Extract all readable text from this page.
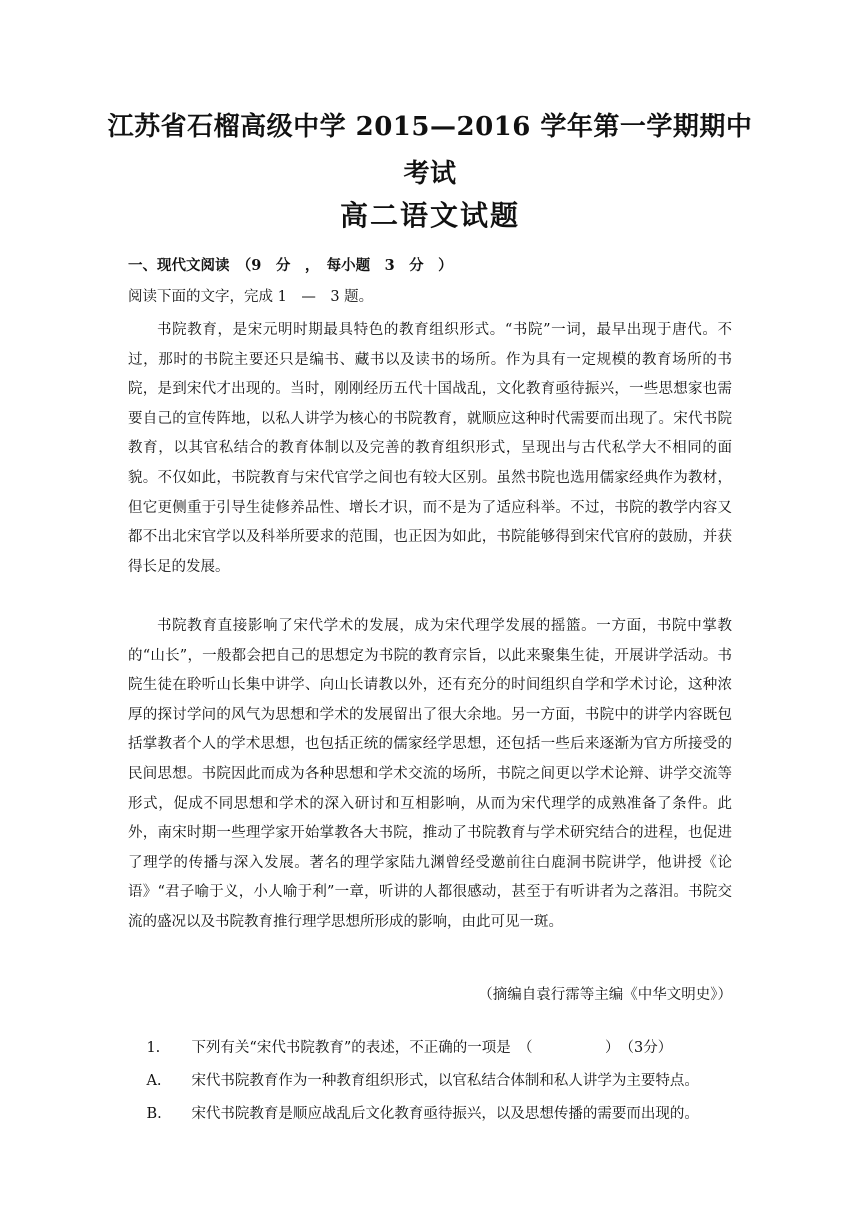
江苏省石榴高级中学 2015—2016 学年第一学期期中
考试
高二语文试题
一、现代文阅读　（9　分　，　每小题　3　分　）
阅读下面的文字，完成 1　—　3 题。

书院教育，是宋元明时期最具特色的教育组织形式。“书院”一词，最早出现于唐代。不过，那时的书院主要还只是编书、藏书以及读书的场所。作为具有一定规模的教育场所的书院，是到宋代才出现的。当时，刚刚经历五代十国战乱，文化教育亟待振兴，一些思想家也需要自己的宣传阵地，以私人讲学为核心的书院教育，就顺应这种时代需要而出现了。宋代书院教育，以其官私结合的教育体制以及完善的教育组织形式，呈现出与古代私学大不相同的面貌。不仅如此，书院教育与宋代官学之间也有较大区别。虽然书院也选用儒家经典作为教材，但它更侧重于引导生徒修养品性、增长才识，而不是为了适应科举。不过，书院的教学内容又都不出北宋官学以及科举所要求的范围，也正因为如此，书院能够得到宋代官府的鼓励，并获得长足的发展。

书院教育直接影响了宋代学术的发展，成为宋代理学发展的摇篮。一方面，书院中掌教的“山长”，一般都会把自己的思想定为书院的教育宗旨，以此来聚集生徒，开展讲学活动。书院生徒在聆听山长集中讲学、向山长请教以外，还有充分的时间组织自学和学术讨论，这种浓厚的探讨学问的风气为思想和学术的发展留出了很大余地。另一方面，书院中的讲学内容既包括掌教者个人的学术思想，也包括正统的儒家经学思想，还包括一些后来逐渐为官方所接受的民间思想。书院因此而成为各种思想和学术交流的场所，书院之间更以学术论辩、讲学交流等形式，促成不同思想和学术的深入研讨和互相影响，从而为宋代理学的成熟准备了条件。此外，南宋时期一些理学家开始掌教各大书院，推动了书院教育与学术研究结合的进程，也促进了理学的传播与深入发展。著名的理学家陆九渊曾经受邀前往白鹿洞书院讲学，他讲授《论语》“君子喻于义，小人喻于利”一章，听讲的人都很感动，甚至于有听讲者为之落泪。书院交流的盛况以及书院教育推行理学思想所形成的影响，由此可见一斑。

（摘编自袁行霈等主编《中华文明史》）

1. 下列有关“宋代书院教育”的表述，不正确的一项是　（　　　　　）　（3分）

A. 宋代书院教育作为一种教育组织形式，以官私结合体制和私人讲学为主要特点。

B. 宋代书院教育是顺应战乱后文化教育亟待振兴，以及思想传播的需要而出现的。
